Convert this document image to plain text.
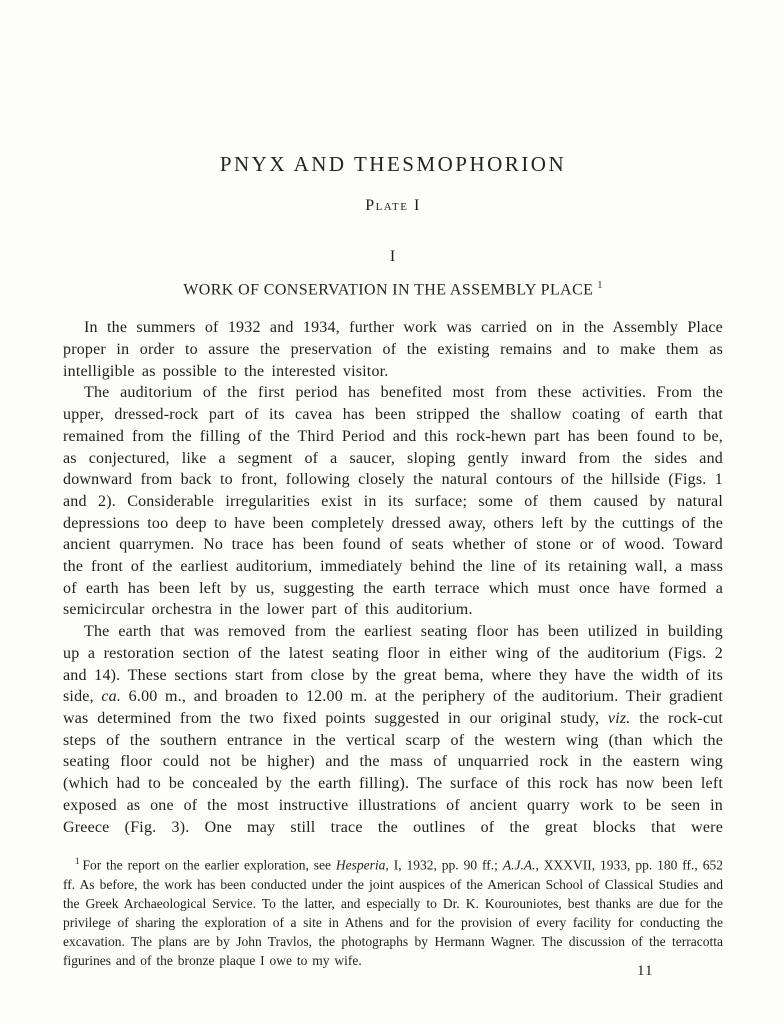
PNYX AND THESMOPHORION
Plate I
I
WORK OF CONSERVATION IN THE ASSEMBLY PLACE $^1$

In the summers of 1932 and 1934, further work was carried on in the Assembly Place proper in order to assure the preservation of the existing remains and to make them as intelligible as possible to the interested visitor.

The auditorium of the first period has benefited most from these activities. From the upper, dressed-rock part of its cavea has been stripped the shallow coating of earth that remained from the filling of the Third Period and this rock-hewn part has been found to be, as conjectured, like a segment of a saucer, sloping gently inward from the sides and downward from back to front, following closely the natural contours of the hillside (Figs. 1 and 2). Considerable irregularities exist in its surface; some of them caused by natural depressions too deep to have been completely dressed away, others left by the cuttings of the ancient quarrymen. No trace has been found of seats whether of stone or of wood. Toward the front of the earliest auditorium, immediately behind the line of its retaining wall, a mass of earth has been left by us, suggesting the earth terrace which must once have formed a semicircular orchestra in the lower part of this auditorium.

The earth that was removed from the earliest seating floor has been utilized in building up a restoration section of the latest seating floor in either wing of the auditorium (Figs. 2 and 14). These sections start from close by the great bema, where they have the width of its side, ca. 6.00 m., and broaden to 12.00 m. at the periphery of the auditorium. Their gradient was determined from the two fixed points suggested in our original study, viz. the rock-cut steps of the southern entrance in the vertical scarp of the western wing (than which the seating floor could not be higher) and the mass of unquarried rock in the eastern wing (which had to be concealed by the earth filling). The surface of this rock has now been left exposed as one of the most instructive illustrations of ancient quarry work to be seen in Greece (Fig. 3). One may still trace the outlines of the great blocks that were

$^1$ For the report on the earlier exploration, see Hesperia, I, 1932, pp. 90 ff.; A.J.A., XXXVII, 1933, pp. 180 ff., 652 ff. As before, the work has been conducted under the joint auspices of the American School of Classical Studies and the Greek Archaeological Service. To the latter, and especially to Dr. K. Kourouniotes, best thanks are due for the privilege of sharing the exploration of a site in Athens and for the provision of every facility for conducting the excavation. The plans are by John Travlos, the photographs by Hermann Wagner. The discussion of the terracotta figurines and of the bronze plaque I owe to my wife.

11
